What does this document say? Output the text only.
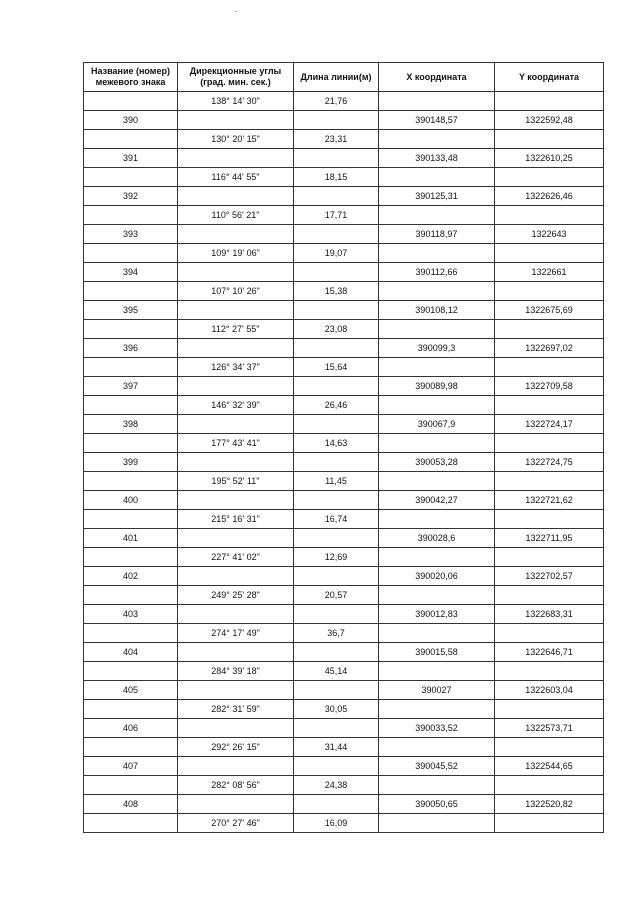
Название (номер) межевого знака	Дирекционные углы (град. мин. сек.)	Длина линии(м)	X координата	Y координата
	138° 14' 30"	21,76		
390			390148,57	1322592,48
	130° 20' 15"	23,31		
391			390133,48	1322610,25
	116° 44' 55"	18,15		
392			390125,31	1322626,46
	110° 56' 21"	17,71		
393			390118,97	1322643
	109° 19' 06"	19,07		
394			390112,66	1322661
	107° 10' 26"	15,38		
395			390108,12	1322675,69
	112° 27' 55"	23,08		
396			390099,3	1322697,02
	126° 34' 37"	15,64		
397			390089,98	1322709,58
	146° 32' 39"	26,46		
398			390067,9	1322724,17
	177° 43' 41"	14,63		
399			390053,28	1322724,75
	195° 52' 11"	11,45		
400			390042,27	1322721,62
	215° 16' 31"	16,74		
401			390028,6	1322711,95
	227° 41' 02"	12,69		
402			390020,06	1322702,57
	249° 25' 28"	20,57		
403			390012,83	1322683,31
	274° 17' 49"	36,7		
404			390015,58	1322646,71
	284° 39' 18"	45,14		
405			390027	1322603,04
	282° 31' 59"	30,05		
406			390033,52	1322573,71
	292° 26' 15"	31,44		
407			390045,52	1322544,65
	282° 08' 56"	24,38		
408			390050,65	1322520,82
	270° 27' 46"	16,09		
